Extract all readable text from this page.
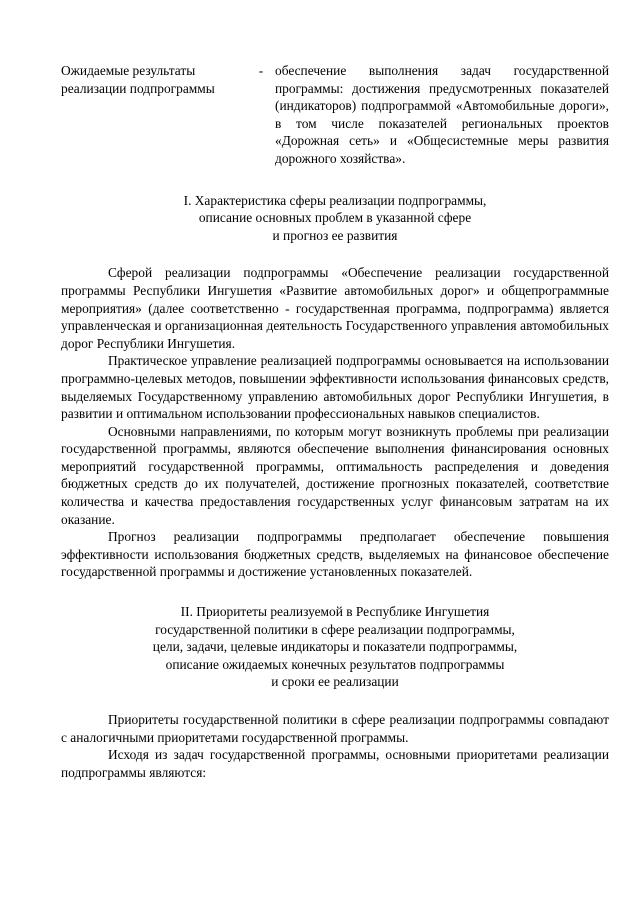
Ожидаемые результаты реализации подпрограммы
- обеспечение выполнения задач государственной программы: достижения предусмотренных показателей (индикаторов) подпрограммой «Автомобильные дороги», в том числе показателей региональных проектов «Дорожная сеть» и «Общесистемные меры развития дорожного хозяйства».
I. Характеристика сферы реализации подпрограммы,
описание основных проблем в указанной сфере
и прогноз ее развития

Сферой реализации подпрограммы «Обеспечение реализации государственной программы Республики Ингушетия «Развитие автомобильных дорог» и общепрограммные мероприятия» (далее соответственно - государственная программа, подпрограмма) является управленческая и организационная деятельность Государственного управления автомобильных дорог Республики Ингушетия.

Практическое управление реализацией подпрограммы основывается на использовании программно-целевых методов, повышении эффективности использования финансовых средств, выделяемых Государственному управлению автомобильных дорог Республики Ингушетия, в развитии и оптимальном использовании профессиональных навыков специалистов.

Основными направлениями, по которым могут возникнуть проблемы при реализации государственной программы, являются обеспечение выполнения финансирования основных мероприятий государственной программы, оптимальность распределения и доведения бюджетных средств до их получателей, достижение прогнозных показателей, соответствие количества и качества предоставления государственных услуг финансовым затратам на их оказание.

Прогноз реализации подпрограммы предполагает обеспечение повышения эффективности использования бюджетных средств, выделяемых на финансовое обеспечение государственной программы и достижение установленных показателей.

II. Приоритеты реализуемой в Республике Ингушетия
государственной политики в сфере реализации подпрограммы,
цели, задачи, целевые индикаторы и показатели подпрограммы,
описание ожидаемых конечных результатов подпрограммы
и сроки ее реализации

Приоритеты государственной политики в сфере реализации подпрограммы совпадают с аналогичными приоритетами государственной программы.

Исходя из задач государственной программы, основными приоритетами реализации подпрограммы являются:
